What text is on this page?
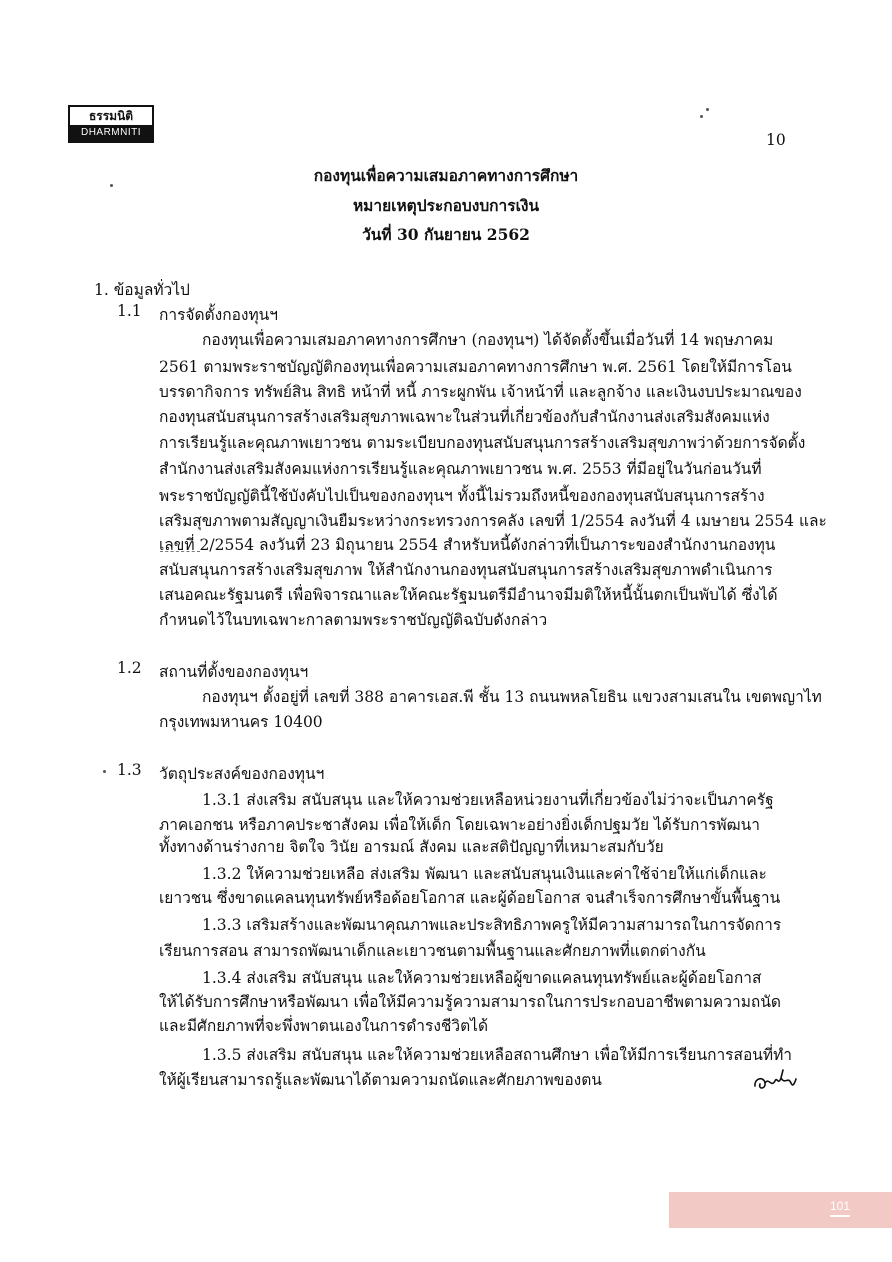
ธรรมนิติ
DHARMNITI	10

กองทุนเพื่อความเสมอภาคทางการศึกษา

หมายเหตุประกอบงบการเงิน

วันที่ 30 กันยายน 2562

1. ข้อมูลทั่วไป

1.1 การจัดตั้งกองทุนฯ

กองทุนเพื่อความเสมอภาคทางการศึกษา (กองทุนฯ) ได้จัดตั้งขึ้นเมื่อวันที่ 14 พฤษภาคม

2561 ตามพระราชบัญญัติกองทุนเพื่อความเสมอภาคทางการศึกษา พ.ศ. 2561 โดยให้มีการโอน

บรรดากิจการ ทรัพย์สิน สิทธิ หน้าที่ หนี้ ภาระผูกพัน เจ้าหน้าที่ และลูกจ้าง และเงินงบประมาณของ

กองทุนสนับสนุนการสร้างเสริมสุขภาพเฉพาะในส่วนที่เกี่ยวข้องกับสำนักงานส่งเสริมสังคมแห่ง

การเรียนรู้และคุณภาพเยาวชน ตามระเบียบกองทุนสนับสนุนการสร้างเสริมสุขภาพว่าด้วยการจัดตั้ง

สำนักงานส่งเสริมสังคมแห่งการเรียนรู้และคุณภาพเยาวชน พ.ศ. 2553 ที่มีอยู่ในวันก่อนวันที่

พระราชบัญญัตินี้ใช้บังคับไปเป็นของกองทุนฯ ทั้งนี้ไม่รวมถึงหนี้ของกองทุนสนับสนุนการสร้าง

เสริมสุขภาพตามสัญญาเงินยืมระหว่างกระทรวงการคลัง เลขที่ 1/2554 ลงวันที่ 4 เมษายน 2554 และ

เลขที่ 2/2554 ลงวันที่ 23 มิถุนายน 2554 สำหรับหนี้ดังกล่าวที่เป็นภาระของสำนักงานกองทุน

สนับสนุนการสร้างเสริมสุขภาพ ให้สำนักงานกองทุนสนับสนุนการสร้างเสริมสุขภาพดำเนินการ

เสนอคณะรัฐมนตรี เพื่อพิจารณาและให้คณะรัฐมนตรีมีอำนาจมีมติให้หนี้นั้นตกเป็นพับได้ ซึ่งได้

กำหนดไว้ในบทเฉพาะกาลตามพระราชบัญญัติฉบับดังกล่าว

1.2 สถานที่ตั้งของกองทุนฯ

กองทุนฯ ตั้งอยู่ที่ เลขที่ 388 อาคารเอส.พี ชั้น 13 ถนนพหลโยธิน แขวงสามเสนใน เขตพญาไท

กรุงเทพมหานคร 10400

1.3 วัตถุประสงค์ของกองทุนฯ

1.3.1 ส่งเสริม สนับสนุน และให้ความช่วยเหลือหน่วยงานที่เกี่ยวข้องไม่ว่าจะเป็นภาครัฐ

ภาคเอกชน หรือภาคประชาสังคม เพื่อให้เด็ก โดยเฉพาะอย่างยิ่งเด็กปฐมวัย ได้รับการพัฒนา

ทั้งทางด้านร่างกาย จิตใจ วินัย อารมณ์ สังคม และสติปัญญาที่เหมาะสมกับวัย

1.3.2 ให้ความช่วยเหลือ ส่งเสริม พัฒนา และสนับสนุนเงินและค่าใช้จ่ายให้แก่เด็กและ

เยาวชน ซึ่งขาดแคลนทุนทรัพย์หรือด้อยโอกาส และผู้ด้อยโอกาส จนสำเร็จการศึกษาขั้นพื้นฐาน

1.3.3 เสริมสร้างและพัฒนาคุณภาพและประสิทธิภาพครูให้มีความสามารถในการจัดการ

เรียนการสอน สามารถพัฒนาเด็กและเยาวชนตามพื้นฐานและศักยภาพที่แตกต่างกัน

1.3.4 ส่งเสริม สนับสนุน และให้ความช่วยเหลือผู้ขาดแคลนทุนทรัพย์และผู้ด้อยโอกาส

ให้ได้รับการศึกษาหรือพัฒนา เพื่อให้มีความรู้ความสามารถในการประกอบอาชีพตามความถนัด

และมีศักยภาพที่จะพึ่งพาตนเองในการดำรงชีวิตได้

1.3.5 ส่งเสริม สนับสนุน และให้ความช่วยเหลือสถานศึกษา เพื่อให้มีการเรียนการสอนที่ทำ

ให้ผู้เรียนสามารถรู้และพัฒนาได้ตามความถนัดและศักยภาพของตน

101
